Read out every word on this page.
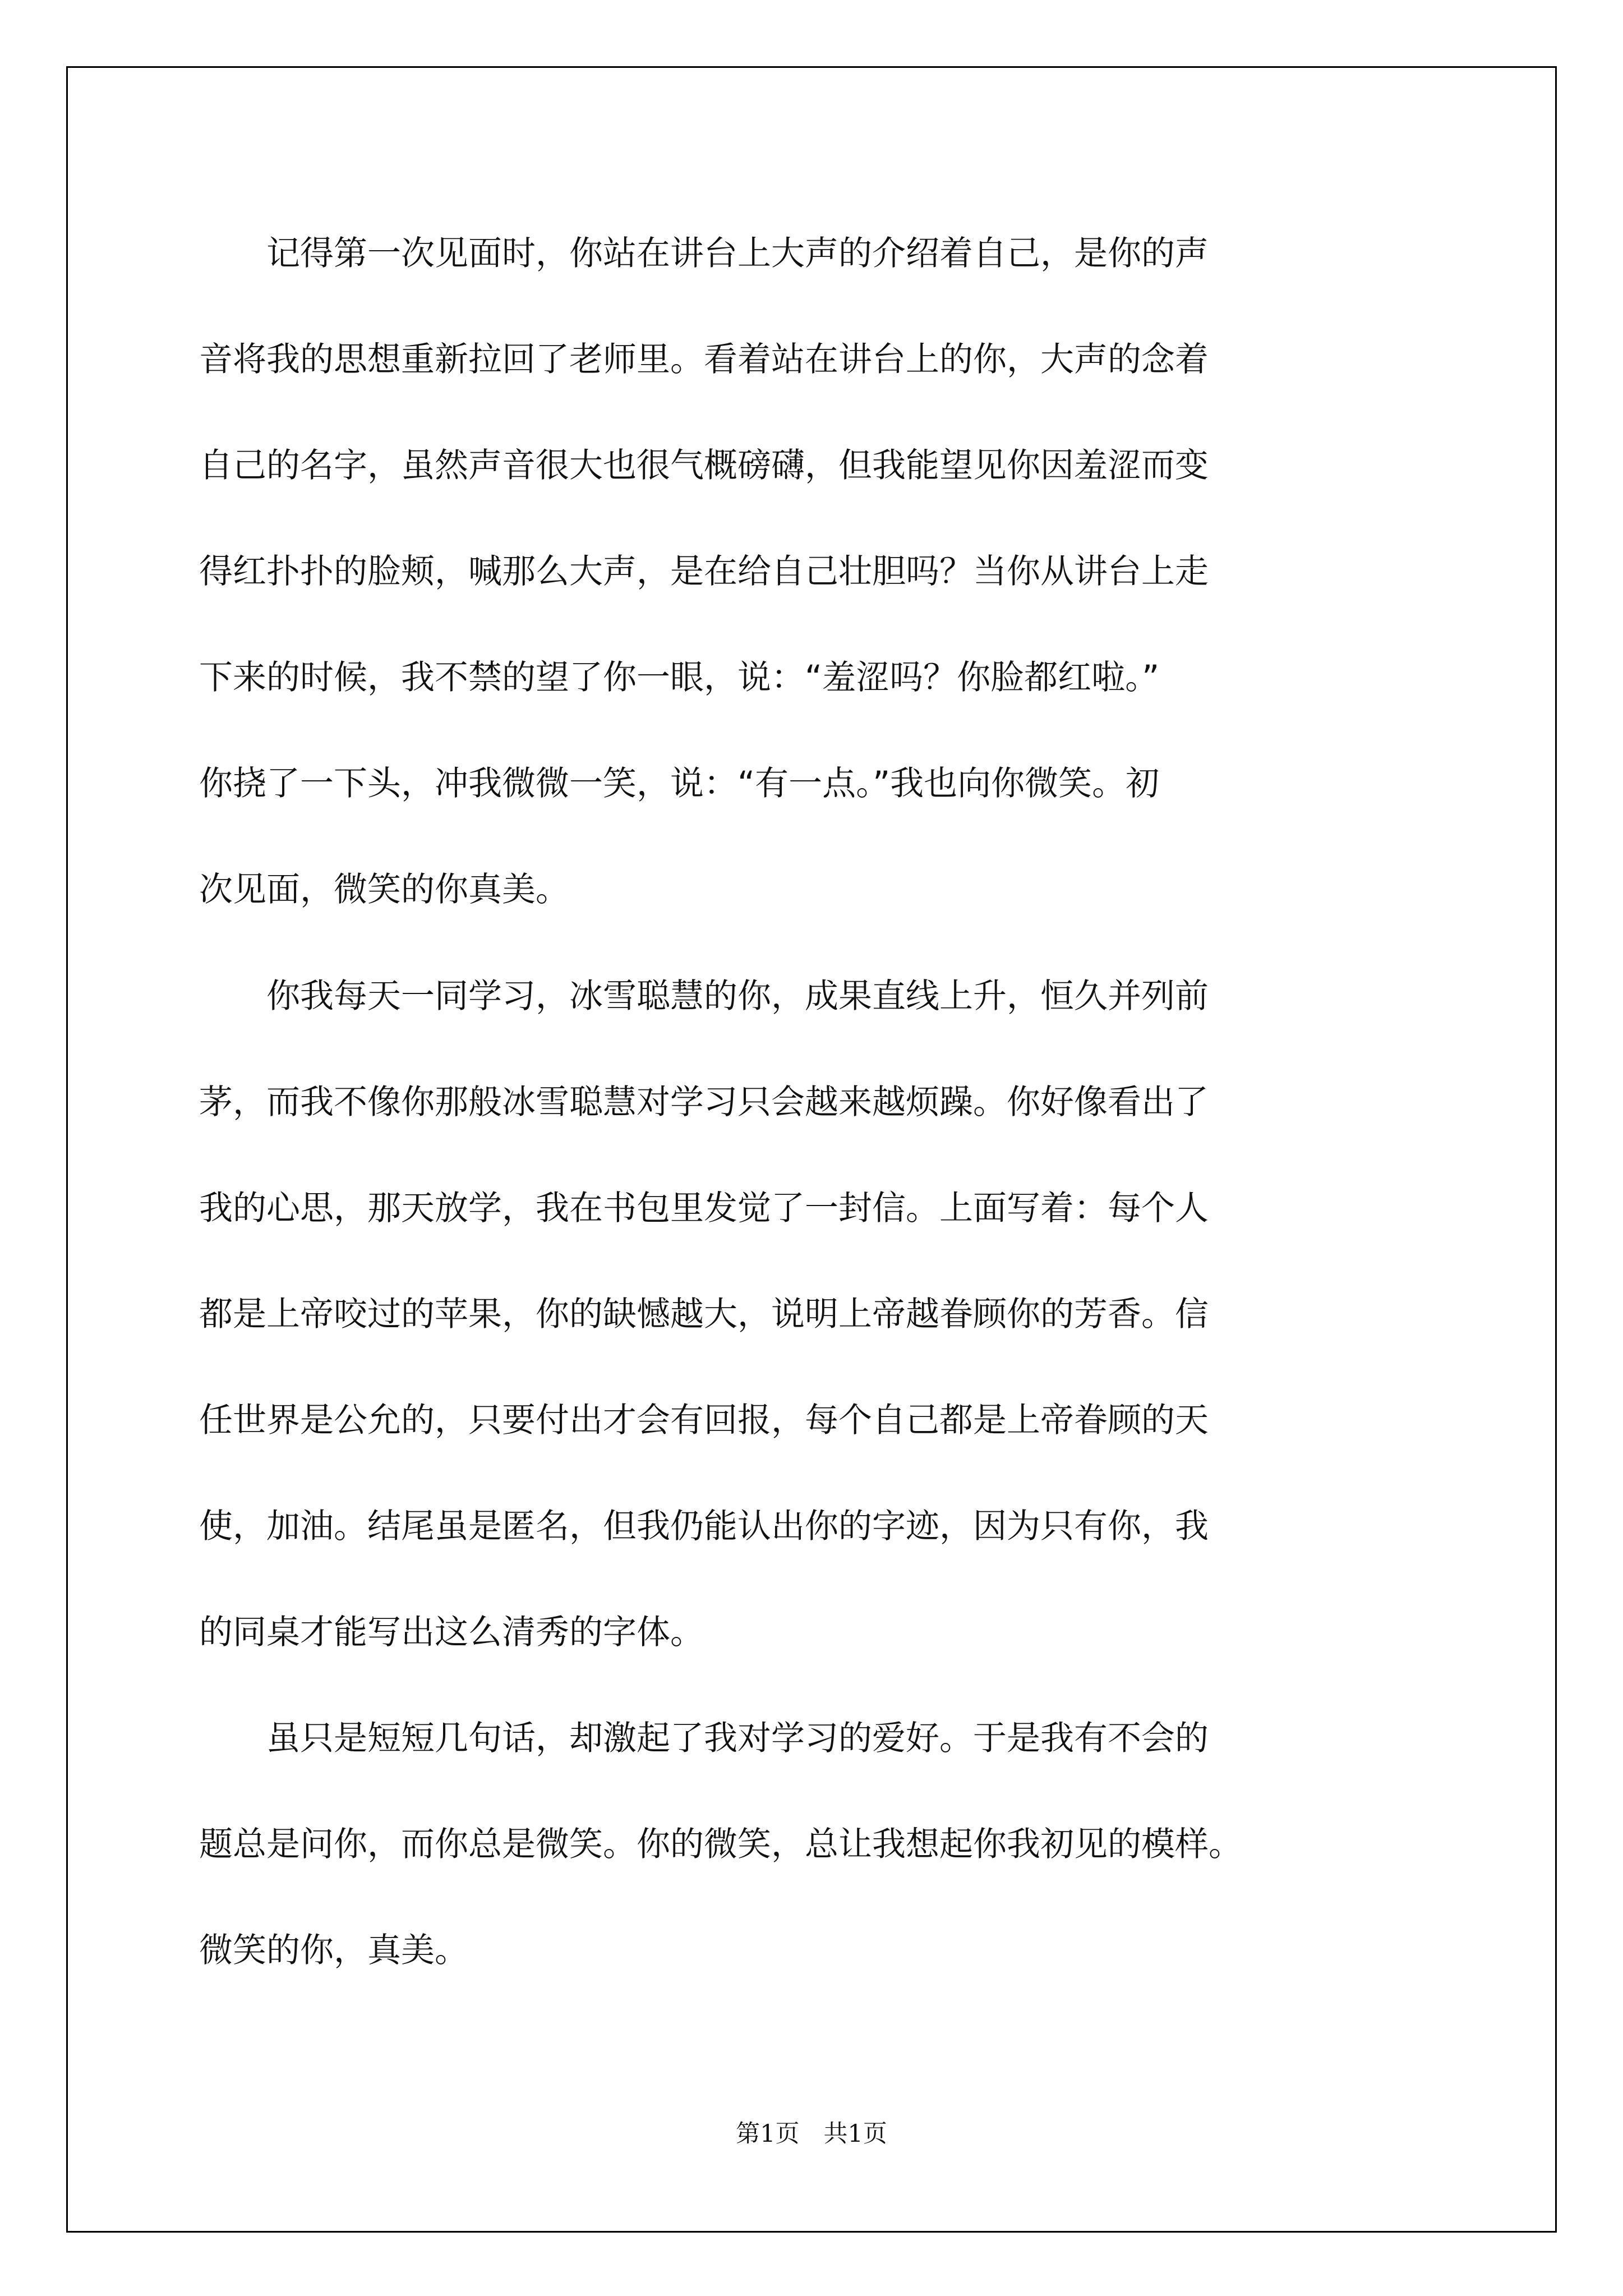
　　记得第一次见面时，你站在讲台上大声的介绍着自己，是你的声
音将我的思想重新拉回了老师里。看着站在讲台上的你，大声的念着
自己的名字，虽然声音很大也很气概磅礴，但我能望见你因羞涩而变
得红扑扑的脸颊，喊那么大声，是在给自己壮胆吗？当你从讲台上走
下来的时候，我不禁的望了你一眼，说：“羞涩吗？你脸都红啦。”
你挠了一下头，冲我微微一笑，说：“有一点。”我也向你微笑。初
次见面，微笑的你真美。
　　你我每天一同学习，冰雪聪慧的你，成果直线上升，恒久并列前
茅，而我不像你那般冰雪聪慧对学习只会越来越烦躁。你好像看出了
我的心思，那天放学，我在书包里发觉了一封信。上面写着：每个人
都是上帝咬过的苹果，你的缺憾越大，说明上帝越眷顾你的芳香。信
任世界是公允的，只要付出才会有回报，每个自己都是上帝眷顾的天
使，加油。结尾虽是匿名，但我仍能认出你的字迹，因为只有你，我
的同桌才能写出这么清秀的字体。
　　虽只是短短几句话，却激起了我对学习的爱好。于是我有不会的
题总是问你，而你总是微笑。你的微笑，总让我想起你我初见的模样。
微笑的你，真美。
第1页　共1页
